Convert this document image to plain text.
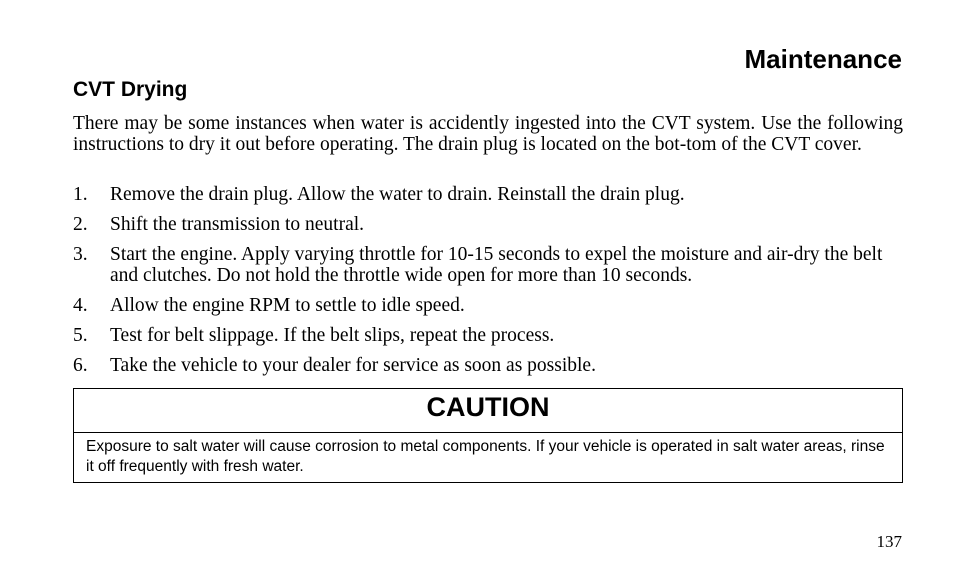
Maintenance
CVT Drying

There may be some instances when water is accidently ingested into the CVT system. Use the following instructions to dry it out before operating. The drain plug is located on the bot-tom of the CVT cover.

1. Remove the drain plug. Allow the water to drain. Reinstall the drain plug.
2. Shift the transmission to neutral.
3. Start the engine. Apply varying throttle for 10-15 seconds to expel the moisture and air-dry the belt and clutches. Do not hold the throttle wide open for more than 10 seconds.
4. Allow the engine RPM to settle to idle speed.
5. Test for belt slippage. If the belt slips, repeat the process.
6. Take the vehicle to your dealer for service as soon as possible.
CAUTION
Exposure to salt water will cause corrosion to metal components. If your vehicle is operated in salt water areas, rinse it off frequently with fresh water.
137
